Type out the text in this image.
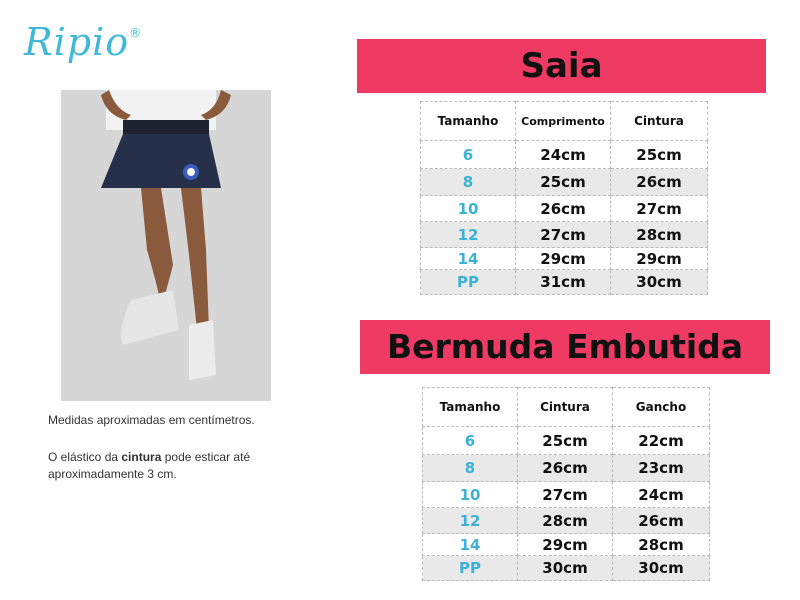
Ripio®
Medidas aproximadas em centímetros.
O elástico da cintura pode esticar até aproximadamente 3 cm.
Saia
Tamanho	Comprimento	Cintura
6	24cm	25cm
8	25cm	26cm
10	26cm	27cm
12	27cm	28cm
14	29cm	29cm
PP	31cm	30cm
Bermuda Embutida
Tamanho	Cintura	Gancho
6	25cm	22cm
8	26cm	23cm
10	27cm	24cm
12	28cm	26cm
14	29cm	28cm
PP	30cm	30cm
